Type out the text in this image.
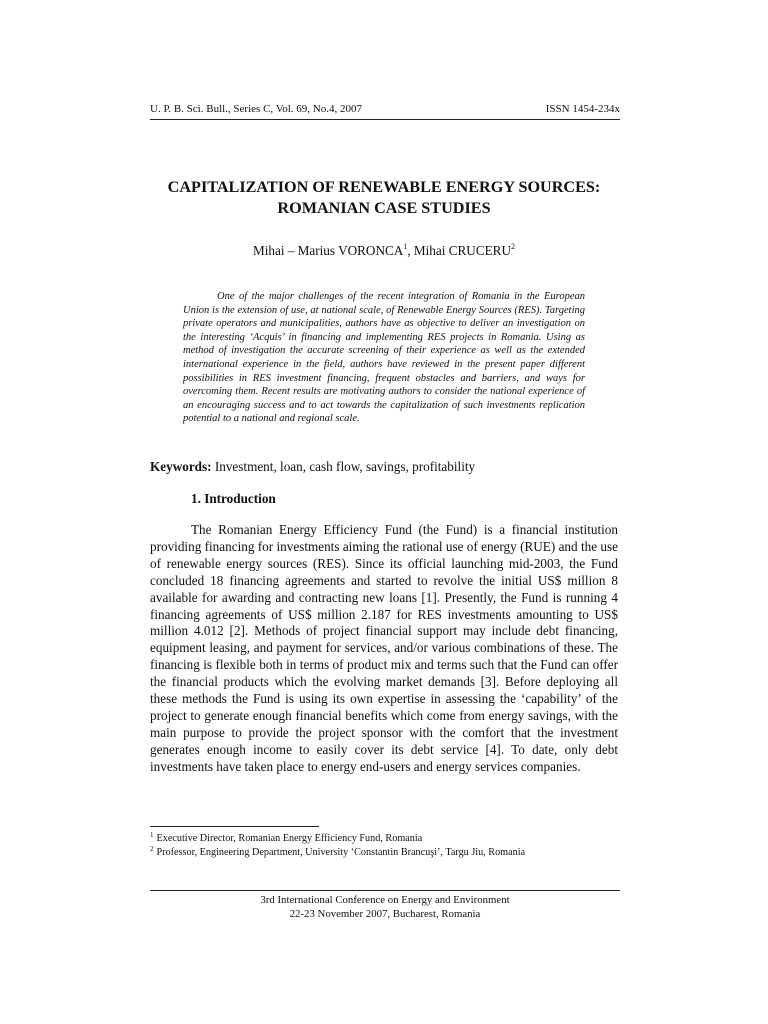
U. P. B. Sci. Bull., Series C, Vol. 69, No.4, 2007	ISSN 1454-234x
CAPITALIZATION OF RENEWABLE ENERGY SOURCES:
ROMANIAN CASE STUDIES
Mihai – Marius VORONCA$^1$, Mihai CRUCERU$^2$
One of the major challenges of the recent integration of Romania in the European Union is the extension of use, at national scale, of Renewable Energy Sources (RES). Targeting private operators and municipalities, authors have as objective to deliver an investigation on the interesting ‘Acquis’ in financing and implementing RES projects in Romania. Using as method of investigation the accurate screening of their experience as well as the extended international experience in the field, authors have reviewed in the present paper different possibilities in RES investment financing, frequent obstacles and barriers, and ways for overcoming them. Recent results are motivating authors to consider the national experience of an encouraging success and to act towards the capitalization of such investments replication potential to a national and regional scale.
Keywords: Investment, loan, cash flow, savings, profitability
1. Introduction
The Romanian Energy Efficiency Fund (the Fund) is a financial institution providing financing for investments aiming the rational use of energy (RUE) and the use of renewable energy sources (RES). Since its official launching mid-2003, the Fund concluded 18 financing agreements and started to revolve the initial US$ million 8 available for awarding and contracting new loans [1]. Presently, the Fund is running 4 financing agreements of US$ million 2.187 for RES investments amounting to US$ million 4.012 [2]. Methods of project financial support may include debt financing, equipment leasing, and payment for services, and/or various combinations of these. The financing is flexible both in terms of product mix and terms such that the Fund can offer the financial products which the evolving market demands [3]. Before deploying all these methods the Fund is using its own expertise in assessing the ‘capability’ of the project to generate enough financial benefits which come from energy savings, with the main purpose to provide the project sponsor with the comfort that the investment generates enough income to easily cover its debt service [4]. To date, only debt investments have taken place to energy end-users and energy services companies.
$^1$ Executive Director, Romanian Energy Efficiency Fund, Romania
$^2$ Professor, Engineering Department, University ‘Constantin Brancuşi’, Targu Jiu, Romania
3rd International Conference on Energy and Environment
22-23 November 2007, Bucharest, Romania
